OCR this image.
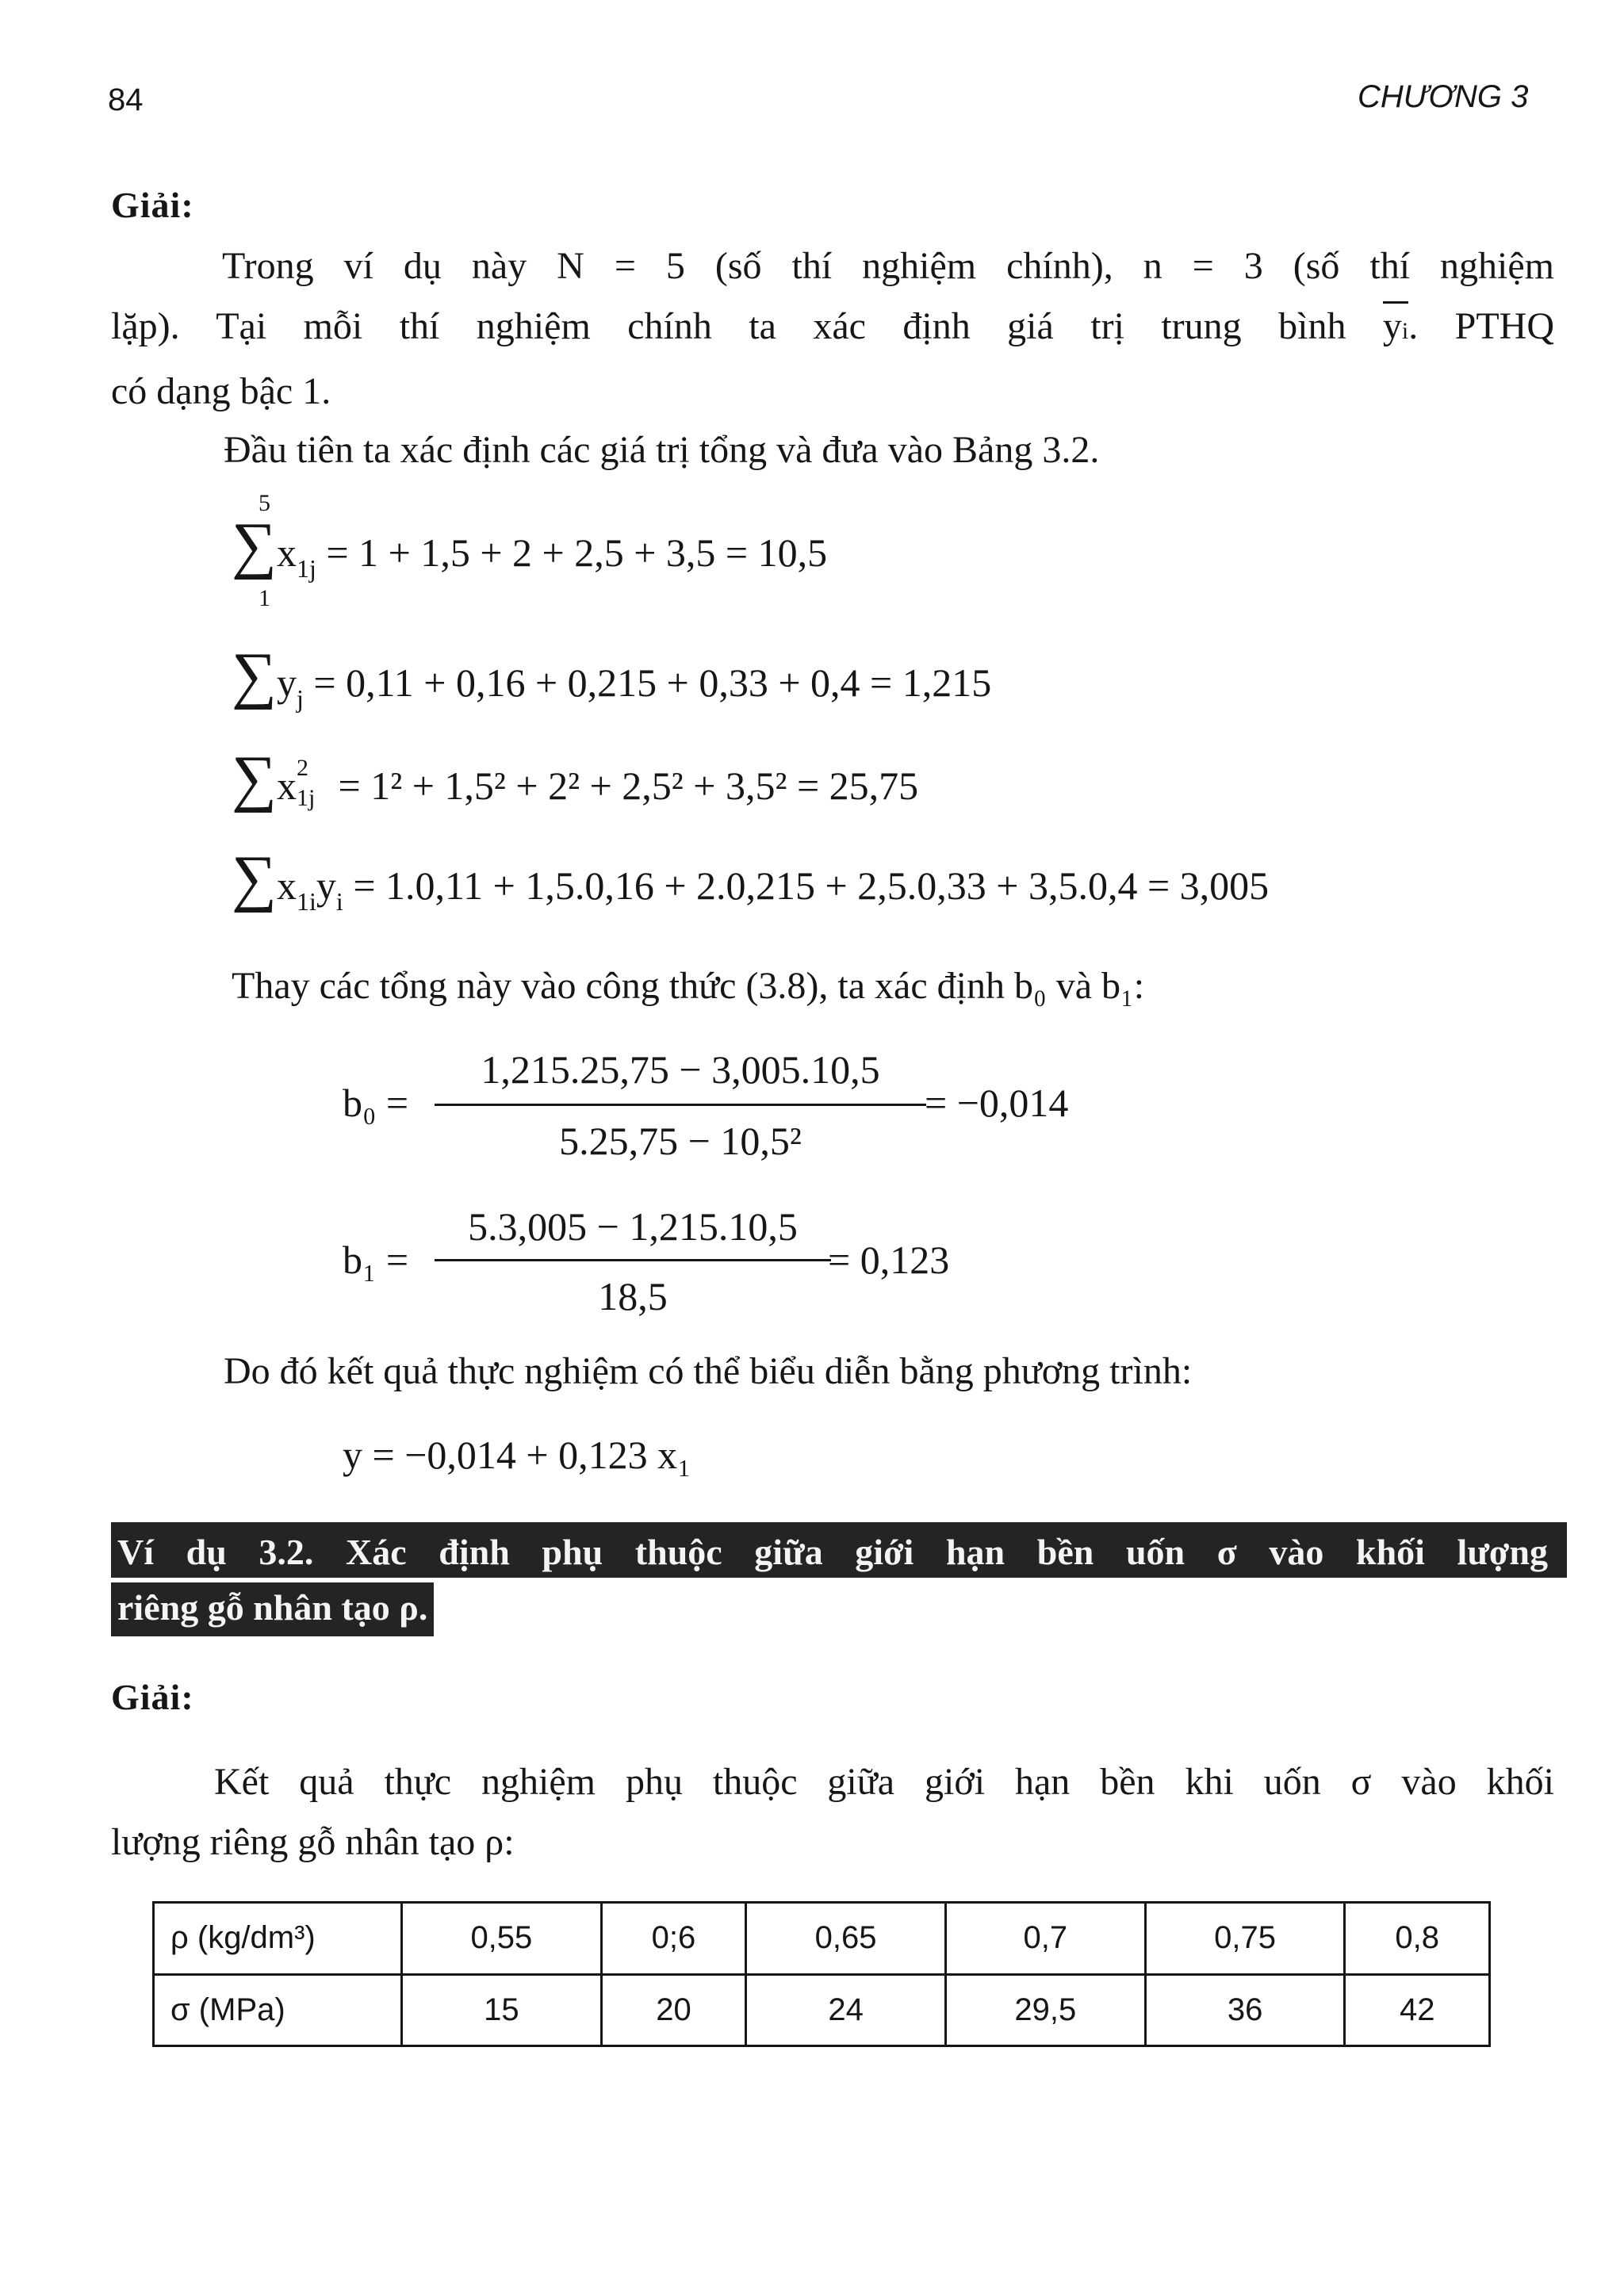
84	CHƯƠNG 3
Giải:
Trong ví dụ này N = 5 (số thí nghiệm chính), n = 3 (số thí nghiệm
lặp). Tại mỗi thí nghiệm chính ta xác định giá trị trung bình yi. PTHQ
có dạng bậc 1.
Đầu tiên ta xác định các giá trị tổng và đưa vào Bảng 3.2.
5
$\sum x_{1j} = 1 + 1,5 + 2 + 2,5 + 3,5 = 10,5$
1
$\sum y_j = 0,11 + 0,16 + 0,215 + 0,33 + 0,4 = 1,215$
∑x 2
1j = 1² + 1,5² + 2² + 2,5² + 3,5² = 25,75
$\sum x_{1i}y_i = 1.0,11 + 1,5.0,16 + 2.0,215 + 2,5.0,33 + 3,5.0,4 = 3,005$
Thay các tổng này vào công thức (3.8), ta xác định b₀ và b₁:
b₀ =
1,215.25,75 − 3,005.10,5
5.25,75 − 10,5²
= −0,014
b₁ =
5.3,005 − 1,215.10,5
18,5
= 0,123
Do đó kết quả thực nghiệm có thể biểu diễn bằng phương trình:
y = −0,014 + 0,123 x₁
Ví dụ 3.2. Xác định phụ thuộc giữa giới hạn bền uốn σ vào khối lượng
riêng gỗ nhân tạo ρ.
Giải:
Kết quả thực nghiệm phụ thuộc giữa giới hạn bền khi uốn σ vào khối
lượng riêng gỗ nhân tạo ρ:
ρ (kg/dm³)	0,55	0;6	0,65	0,7	0,75	0,8
σ (MPa)	15	20	24	29,5	36	42
